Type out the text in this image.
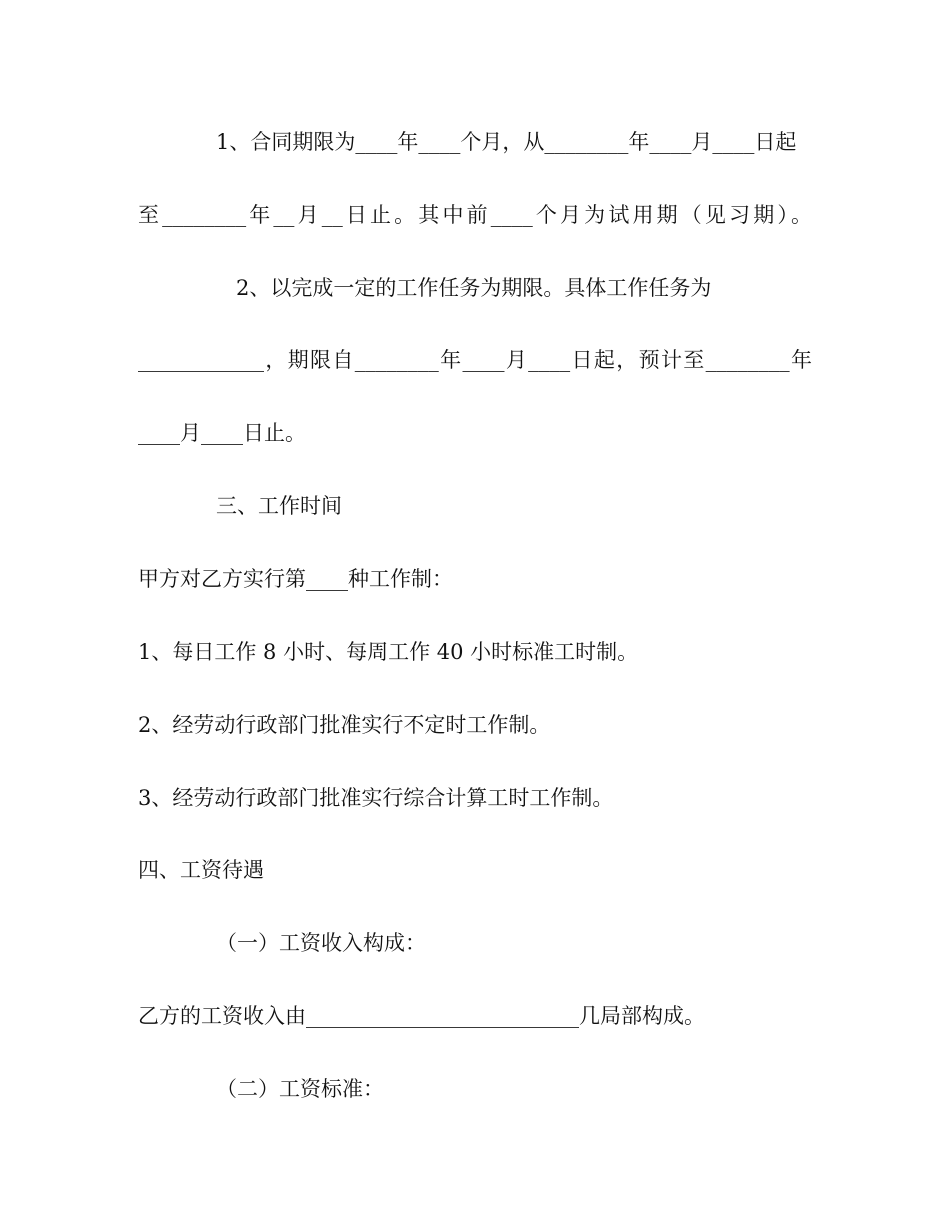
1、合同期限为____年____个月，从________年____月____日起

至________年__月__日止。其中前____个月为试用期（见习期）。

2、以完成一定的工作任务为期限。具体工作任务为

____________，期限自________年____月____日起，预计至________年

____月____日止。

三、工作时间

甲方对乙方实行第____种工作制：

1、每日工作 8 小时、每周工作 40 小时标准工时制。

2、经劳动行政部门批准实行不定时工作制。

3、经劳动行政部门批准实行综合计算工时工作制。

四、工资待遇

（一）工资收入构成：

乙方的工资收入由__________________________几局部构成。

（二）工资标准：
